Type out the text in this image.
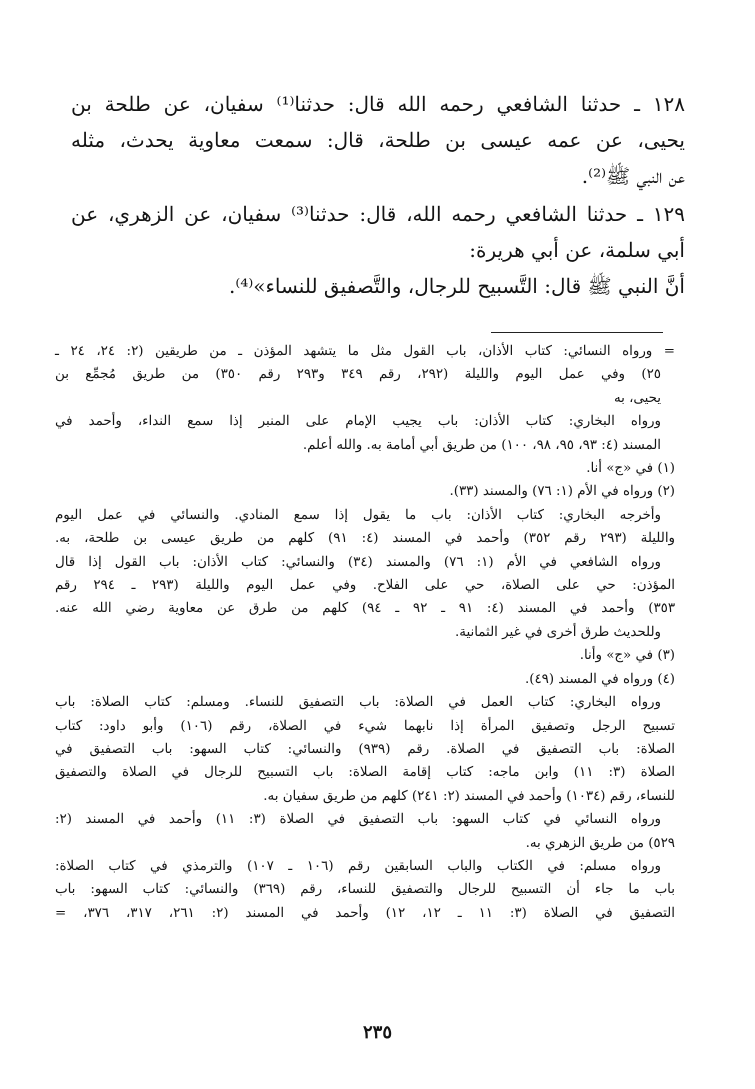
١٢٨ ـ حدثنا الشافعي رحمه الله قال: حدثنا⁽¹⁾ سفيان، عن طلحة بن

يحيى، عن عمه عيسى بن طلحة، قال: سمعت معاوية يحدث، مثله

عن النبي ﷺ⁽²⁾.

١٢٩ ـ حدثنا الشافعي رحمه الله، قال: حدثنا⁽³⁾ سفيان، عن الزهري، عن

أبي سلمة، عن أبي هريرة:

أنَّ النبي ﷺ قال: التَّسبيح للرجال، والتَّصفيق للنساء»⁽⁴⁾.

= ورواه النسائي: كتاب الأذان، باب القول مثل ما يتشهد المؤذن ـ من طريقين (٢: ٢٤، ٢٤ ـ

٢٥) وفي عمل اليوم والليلة (٢٩٢، رقم ٣٤٩ و٢٩٣ رقم ٣٥٠) من طريق مُجمِّع بن

يحيى، به

ورواه البخاري: كتاب الأذان: باب يجيب الإمام على المنبر إذا سمع النداء، وأحمد في

المسند (٤: ٩٣، ٩٥، ٩٨، ١٠٠) من طريق أبي أمامة به. والله أعلم.

(١) في «ج» أنا.

(٢) ورواه في الأم (١: ٧٦) والمسند (٣٣).

وأخرجه البخاري: كتاب الأذان: باب ما يقول إذا سمع المنادي. والنسائي في عمل اليوم

والليلة (٢٩٣ رقم ٣٥٢) وأحمد في المسند (٤: ٩١) كلهم من طريق عيسى بن طلحة، به.

ورواه الشافعي في الأم (١: ٧٦) والمسند (٣٤) والنسائي: كتاب الأذان: باب القول إذا قال

المؤذن: حي على الصلاة، حي على الفلاح. وفي عمل اليوم والليلة (٢٩٣ ـ ٢٩٤ رقم

٣٥٣) وأحمد في المسند (٤: ٩١ ـ ٩٢ ـ ٩٤) كلهم من طرق عن معاوية رضي الله عنه.

وللحديث طرق أخرى في غير الثمانية.

(٣) في «ج» وأنا.

(٤) ورواه في المسند (٤٩).

ورواه البخاري: كتاب العمل في الصلاة: باب التصفيق للنساء. ومسلم: كتاب الصلاة: باب

تسبيح الرجل وتصفيق المرأة إذا نابهما شيء في الصلاة، رقم (١٠٦) وأبو داود: كتاب

الصلاة: باب التصفيق في الصلاة. رقم (٩٣٩) والنسائي: كتاب السهو: باب التصفيق في

الصلاة (٣: ١١) وابن ماجه: كتاب إقامة الصلاة: باب التسبيح للرجال في الصلاة والتصفيق

للنساء، رقم (١٠٣٤) وأحمد في المسند (٢: ٢٤١) كلهم من طريق سفيان به.

ورواه النسائي في كتاب السهو: باب التصفيق في الصلاة (٣: ١١) وأحمد في المسند (٢:

٥٢٩) من طريق الزهري به.

ورواه مسلم: في الكتاب والباب السابقين رقم (١٠٦ ـ ١٠٧) والترمذي في كتاب الصلاة:

باب ما جاء أن التسبيح للرجال والتصفيق للنساء، رقم (٣٦٩) والنسائي: كتاب السهو: باب

التصفيق في الصلاة (٣: ١١ ـ ١٢، ١٢) وأحمد في المسند (٢: ٢٦١، ٣١٧، ٣٧٦، =

٢٣٥
